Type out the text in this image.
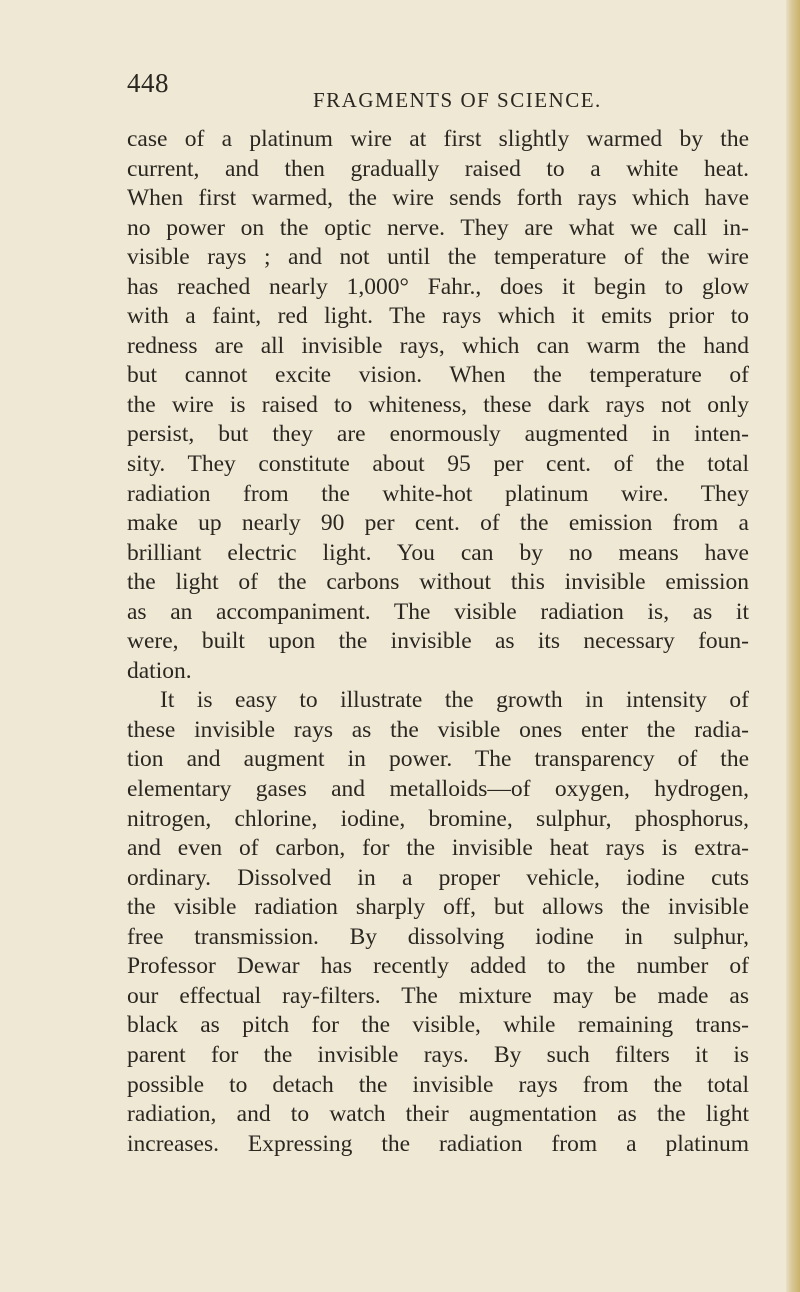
448
FRAGMENTS OF SCIENCE.
case of a platinum wire at first slightly warmed by the
current, and then gradually raised to a white heat.
When first warmed, the wire sends forth rays which have
no power on the optic nerve. They are what we call in-
visible rays ; and not until the temperature of the wire
has reached nearly 1,000° Fahr., does it begin to glow
with a faint, red light. The rays which it emits prior to
redness are all invisible rays, which can warm the hand
but cannot excite vision. When the temperature of
the wire is raised to whiteness, these dark rays not only
persist, but they are enormously augmented in inten-
sity. They constitute about 95 per cent. of the total
radiation from the white-hot platinum wire. They
make up nearly 90 per cent. of the emission from a
brilliant electric light. You can by no means have
the light of the carbons without this invisible emission
as an accompaniment. The visible radiation is, as it
were, built upon the invisible as its necessary foun-
dation.
It is easy to illustrate the growth in intensity of
these invisible rays as the visible ones enter the radia-
tion and augment in power. The transparency of the
elementary gases and metalloids—of oxygen, hydrogen,
nitrogen, chlorine, iodine, bromine, sulphur, phosphorus,
and even of carbon, for the invisible heat rays is extra-
ordinary. Dissolved in a proper vehicle, iodine cuts
the visible radiation sharply off, but allows the invisible
free transmission. By dissolving iodine in sulphur,
Professor Dewar has recently added to the number of
our effectual ray-filters. The mixture may be made as
black as pitch for the visible, while remaining trans-
parent for the invisible rays. By such filters it is
possible to detach the invisible rays from the total
radiation, and to watch their augmentation as the light
increases. Expressing the radiation from a platinum
